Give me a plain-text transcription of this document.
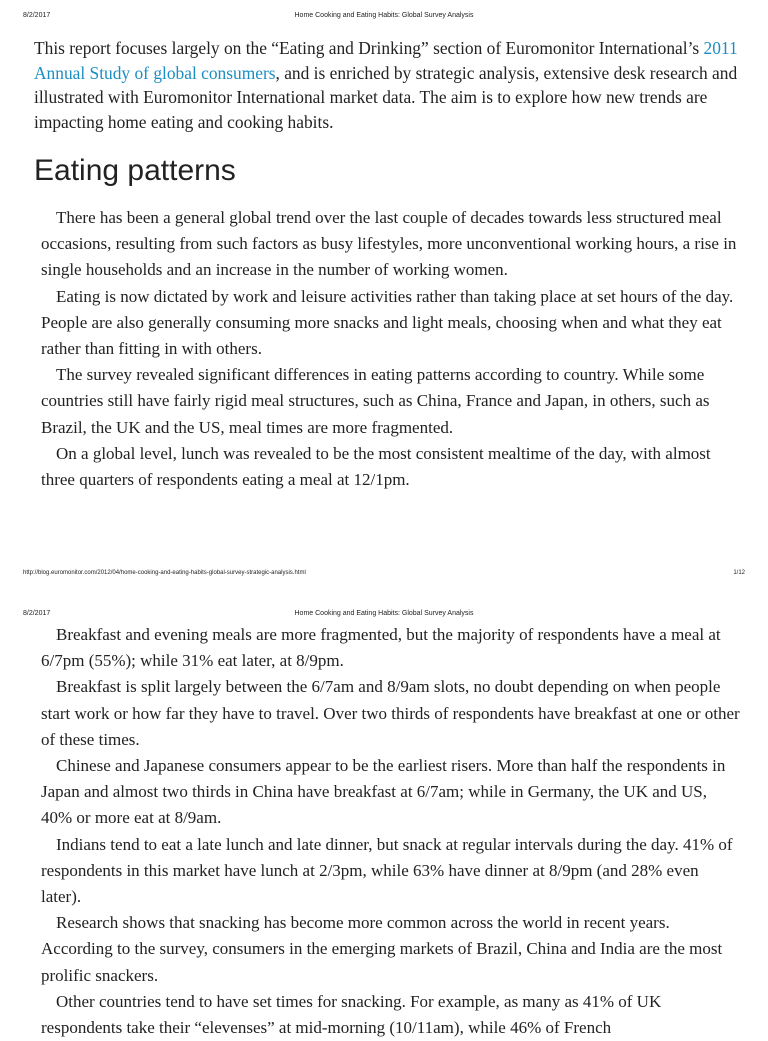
8/2/2017	Home Cooking and Eating Habits: Global Survey Analysis

This report focuses largely on the “Eating and Drinking” section of Euromonitor International’s 2011 Annual Study of global consumers, and is enriched by strategic analysis, extensive desk research and illustrated with Euromonitor International market data. The aim is to explore how new trends are impacting home eating and cooking habits.

Eating patterns

There has been a general global trend over the last couple of decades towards less structured meal occasions, resulting from such factors as busy lifestyles, more unconventional working hours, a rise in single households and an increase in the number of working women.

Eating is now dictated by work and leisure activities rather than taking place at set hours of the day. People are also generally consuming more snacks and light meals, choosing when and what they eat rather than fitting in with others.

The survey revealed significant differences in eating patterns according to country. While some countries still have fairly rigid meal structures, such as China, France and Japan, in others, such as Brazil, the UK and the US, meal times are more fragmented.

On a global level, lunch was revealed to be the most consistent mealtime of the day, with almost three quarters of respondents eating a meal at 12/1pm.

http://blog.euromonitor.com/2012/04/home-cooking-and-eating-habits-global-survey-strategic-analysis.html	1/12
8/2/2017	Home Cooking and Eating Habits: Global Survey Analysis

Breakfast and evening meals are more fragmented, but the majority of respondents have a meal at 6/7pm (55%); while 31% eat later, at 8/9pm.

Breakfast is split largely between the 6/7am and 8/9am slots, no doubt depending on when people start work or how far they have to travel. Over two thirds of respondents have breakfast at one or other of these times.

Chinese and Japanese consumers appear to be the earliest risers. More than half the respondents in Japan and almost two thirds in China have breakfast at 6/7am; while in Germany, the UK and US, 40% or more eat at 8/9am.

Indians tend to eat a late lunch and late dinner, but snack at regular intervals during the day. 41% of respondents in this market have lunch at 2/3pm, while 63% have dinner at 8/9pm (and 28% even later).

Research shows that snacking has become more common across the world in recent years. According to the survey, consumers in the emerging markets of Brazil, China and India are the most prolific snackers.

Other countries tend to have set times for snacking. For example, as many as 41% of UK respondents take their “elevenses” at mid-morning (10/11am), while 46% of French
